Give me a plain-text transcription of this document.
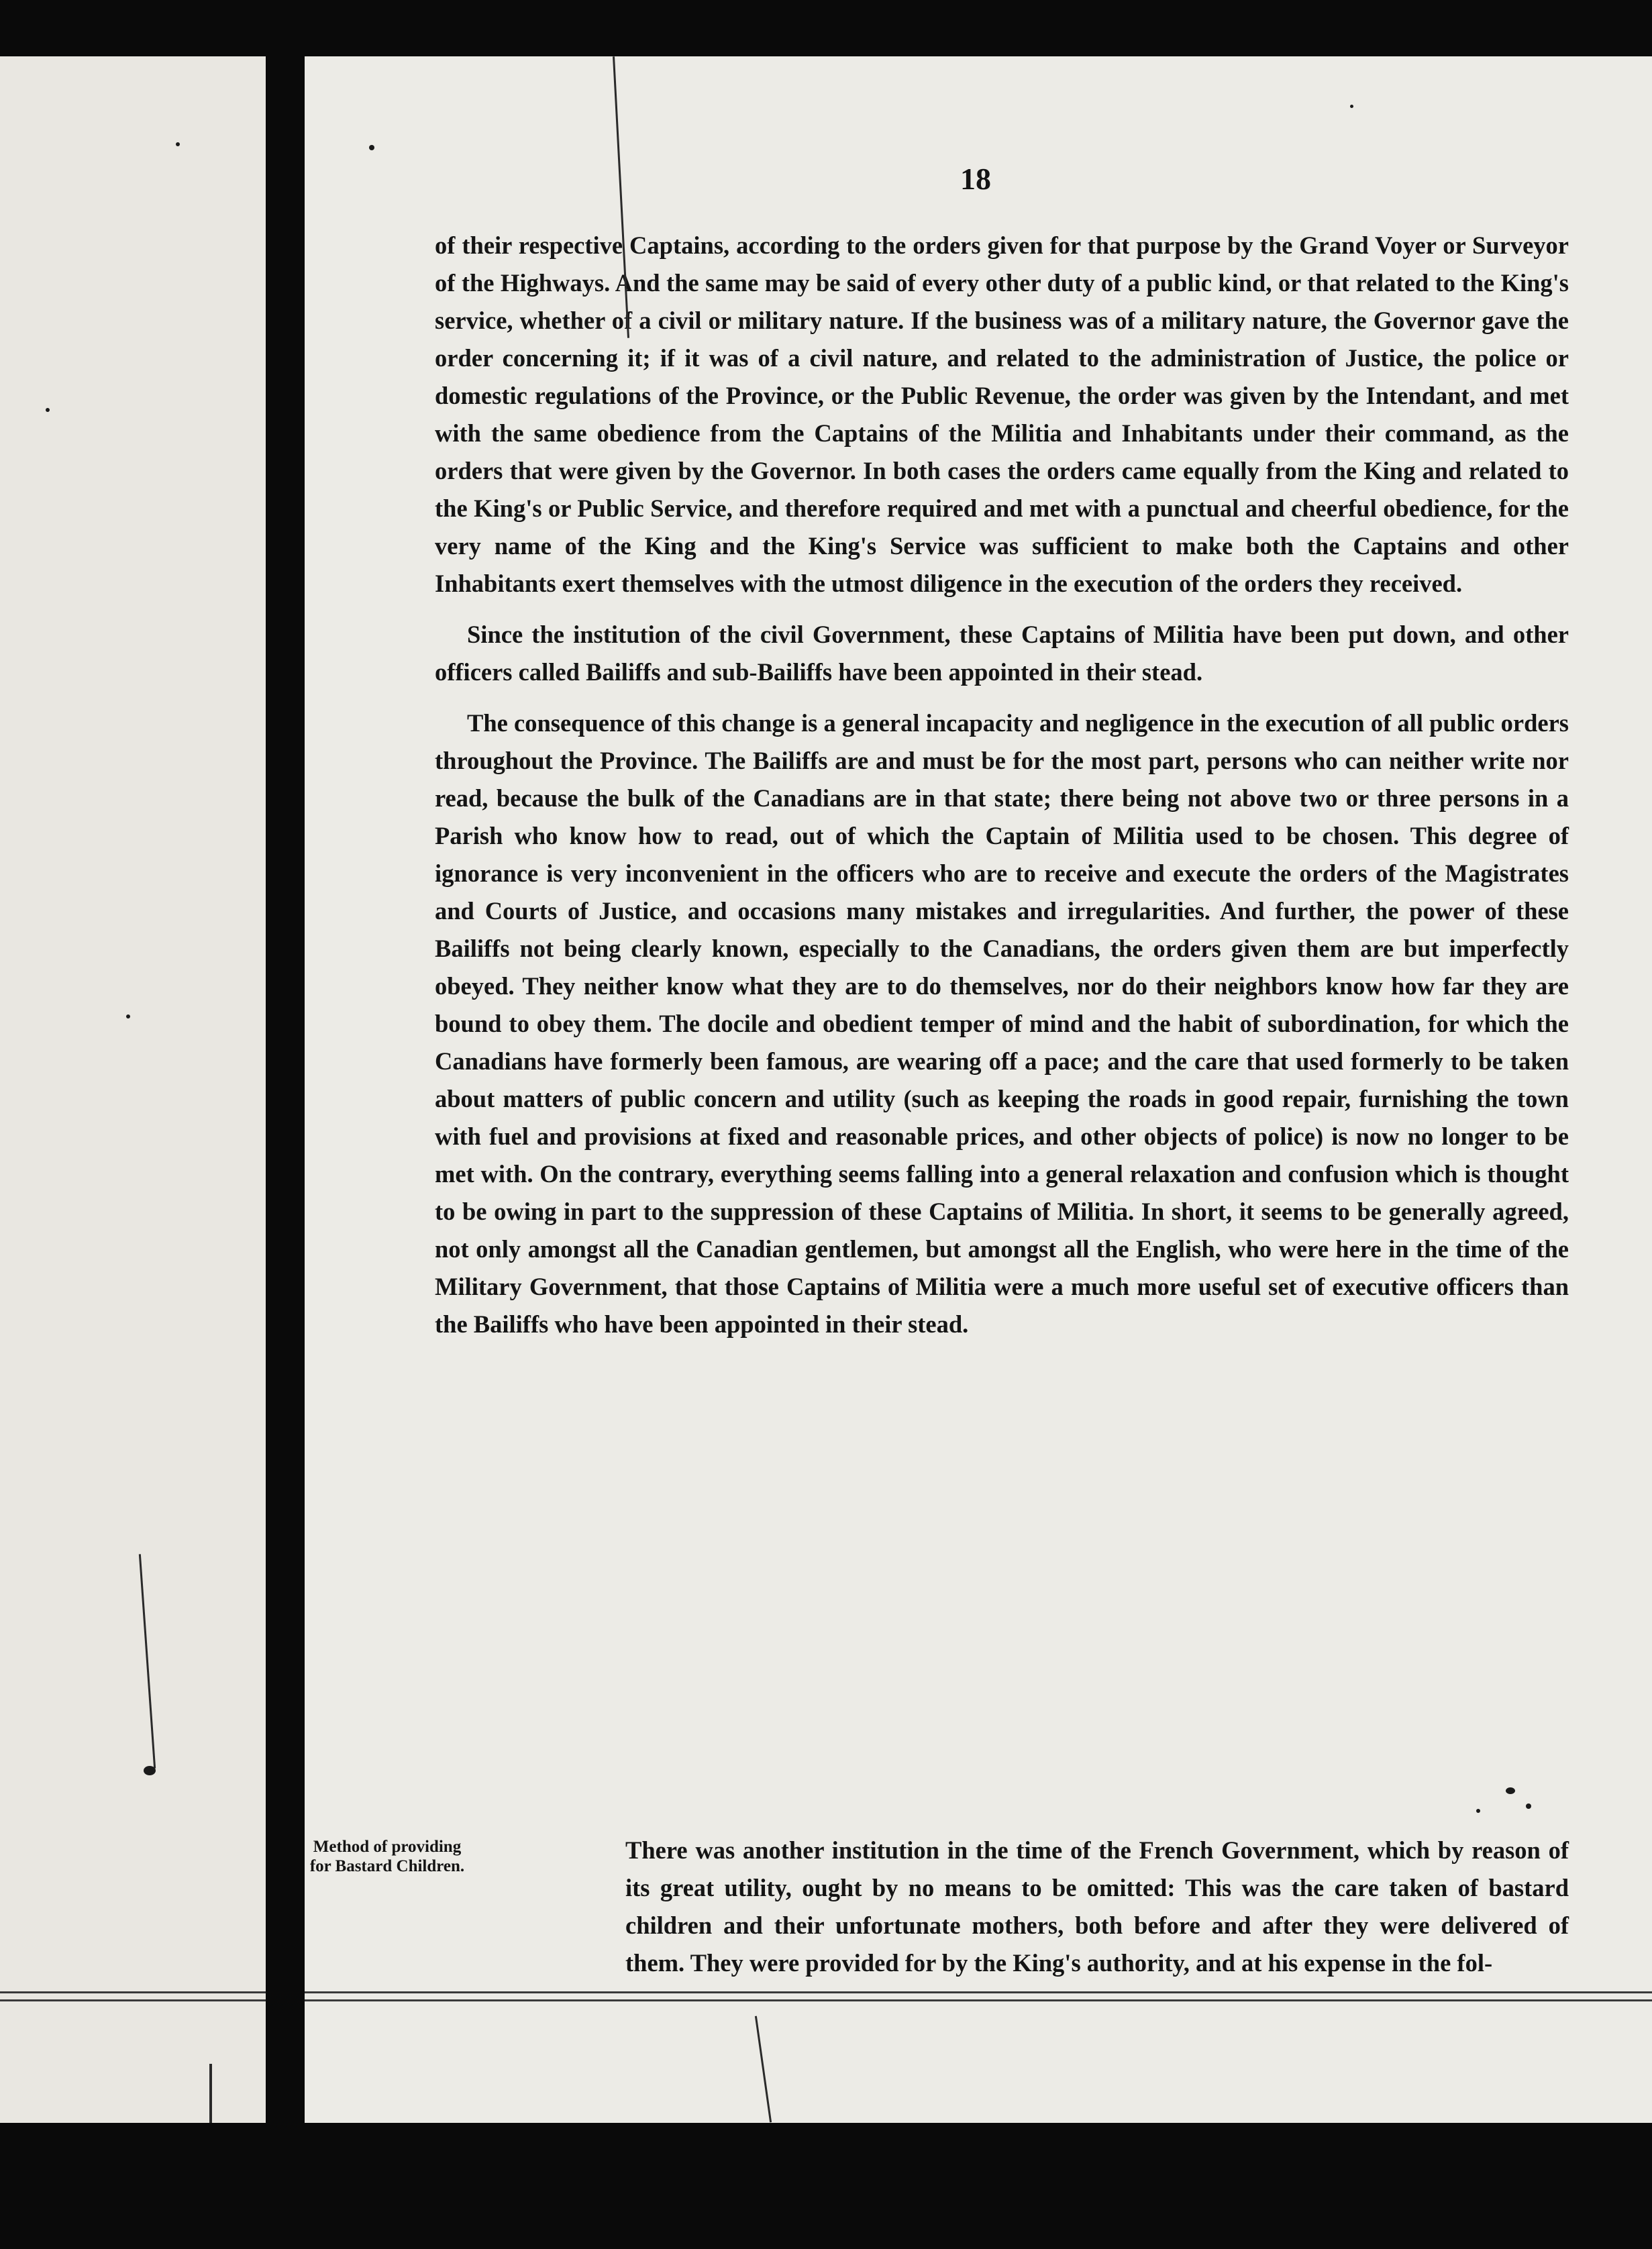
18

of their respective Captains, according to the orders given for that purpose by the Grand Voyer or Surveyor of the Highways. And the same may be said of every other duty of a public kind, or that related to the King's service, whether of a civil or military nature. If the business was of a military nature, the Governor gave the order concerning it; if it was of a civil nature, and related to the administration of Justice, the police or domestic regulations of the Province, or the Public Revenue, the order was given by the Intendant, and met with the same obedience from the Captains of the Militia and Inhabitants under their command, as the orders that were given by the Governor. In both cases the orders came equally from the King and related to the King's or Public Service, and therefore required and met with a punctual and cheerful obedience, for the very name of the King and the King's Service was sufficient to make both the Captains and other Inhabitants exert themselves with the utmost diligence in the execution of the orders they received.

Since the institution of the civil Government, these Captains of Militia have been put down, and other officers called Bailiffs and sub-Bailiffs have been appointed in their stead.

The consequence of this change is a general incapacity and negligence in the execution of all public orders throughout the Province. The Bailiffs are and must be for the most part, persons who can neither write nor read, because the bulk of the Canadians are in that state; there being not above two or three persons in a Parish who know how to read, out of which the Captain of Militia used to be chosen. This degree of ignorance is very inconvenient in the officers who are to receive and execute the orders of the Magistrates and Courts of Justice, and occasions many mistakes and irregularities. And further, the power of these Bailiffs not being clearly known, especially to the Canadians, the orders given them are but imperfectly obeyed. They neither know what they are to do themselves, nor do their neighbors know how far they are bound to obey them. The docile and obedient temper of mind and the habit of subordination, for which the Canadians have formerly been famous, are wearing off a pace; and the care that used formerly to be taken about matters of public concern and utility (such as keeping the roads in good repair, furnishing the town with fuel and provisions at fixed and reasonable prices, and other objects of police) is now no longer to be met with. On the contrary, everything seems falling into a general relaxation and confusion which is thought to be owing in part to the suppression of these Captains of Militia. In short, it seems to be generally agreed, not only amongst all the Canadian gentlemen, but amongst all the English, who were here in the time of the Military Government, that those Captains of Militia were a much more useful set of executive officers than the Bailiffs who have been appointed in their stead.

Method of providing for Bastard Children.
There was another institution in the time of the French Government, which by reason of its great utility, ought by no means to be omitted: This was the care taken of bastard children and their unfortunate mothers, both before and after they were delivered of them. They were provided for by the King's authority, and at his expense in the fol-
